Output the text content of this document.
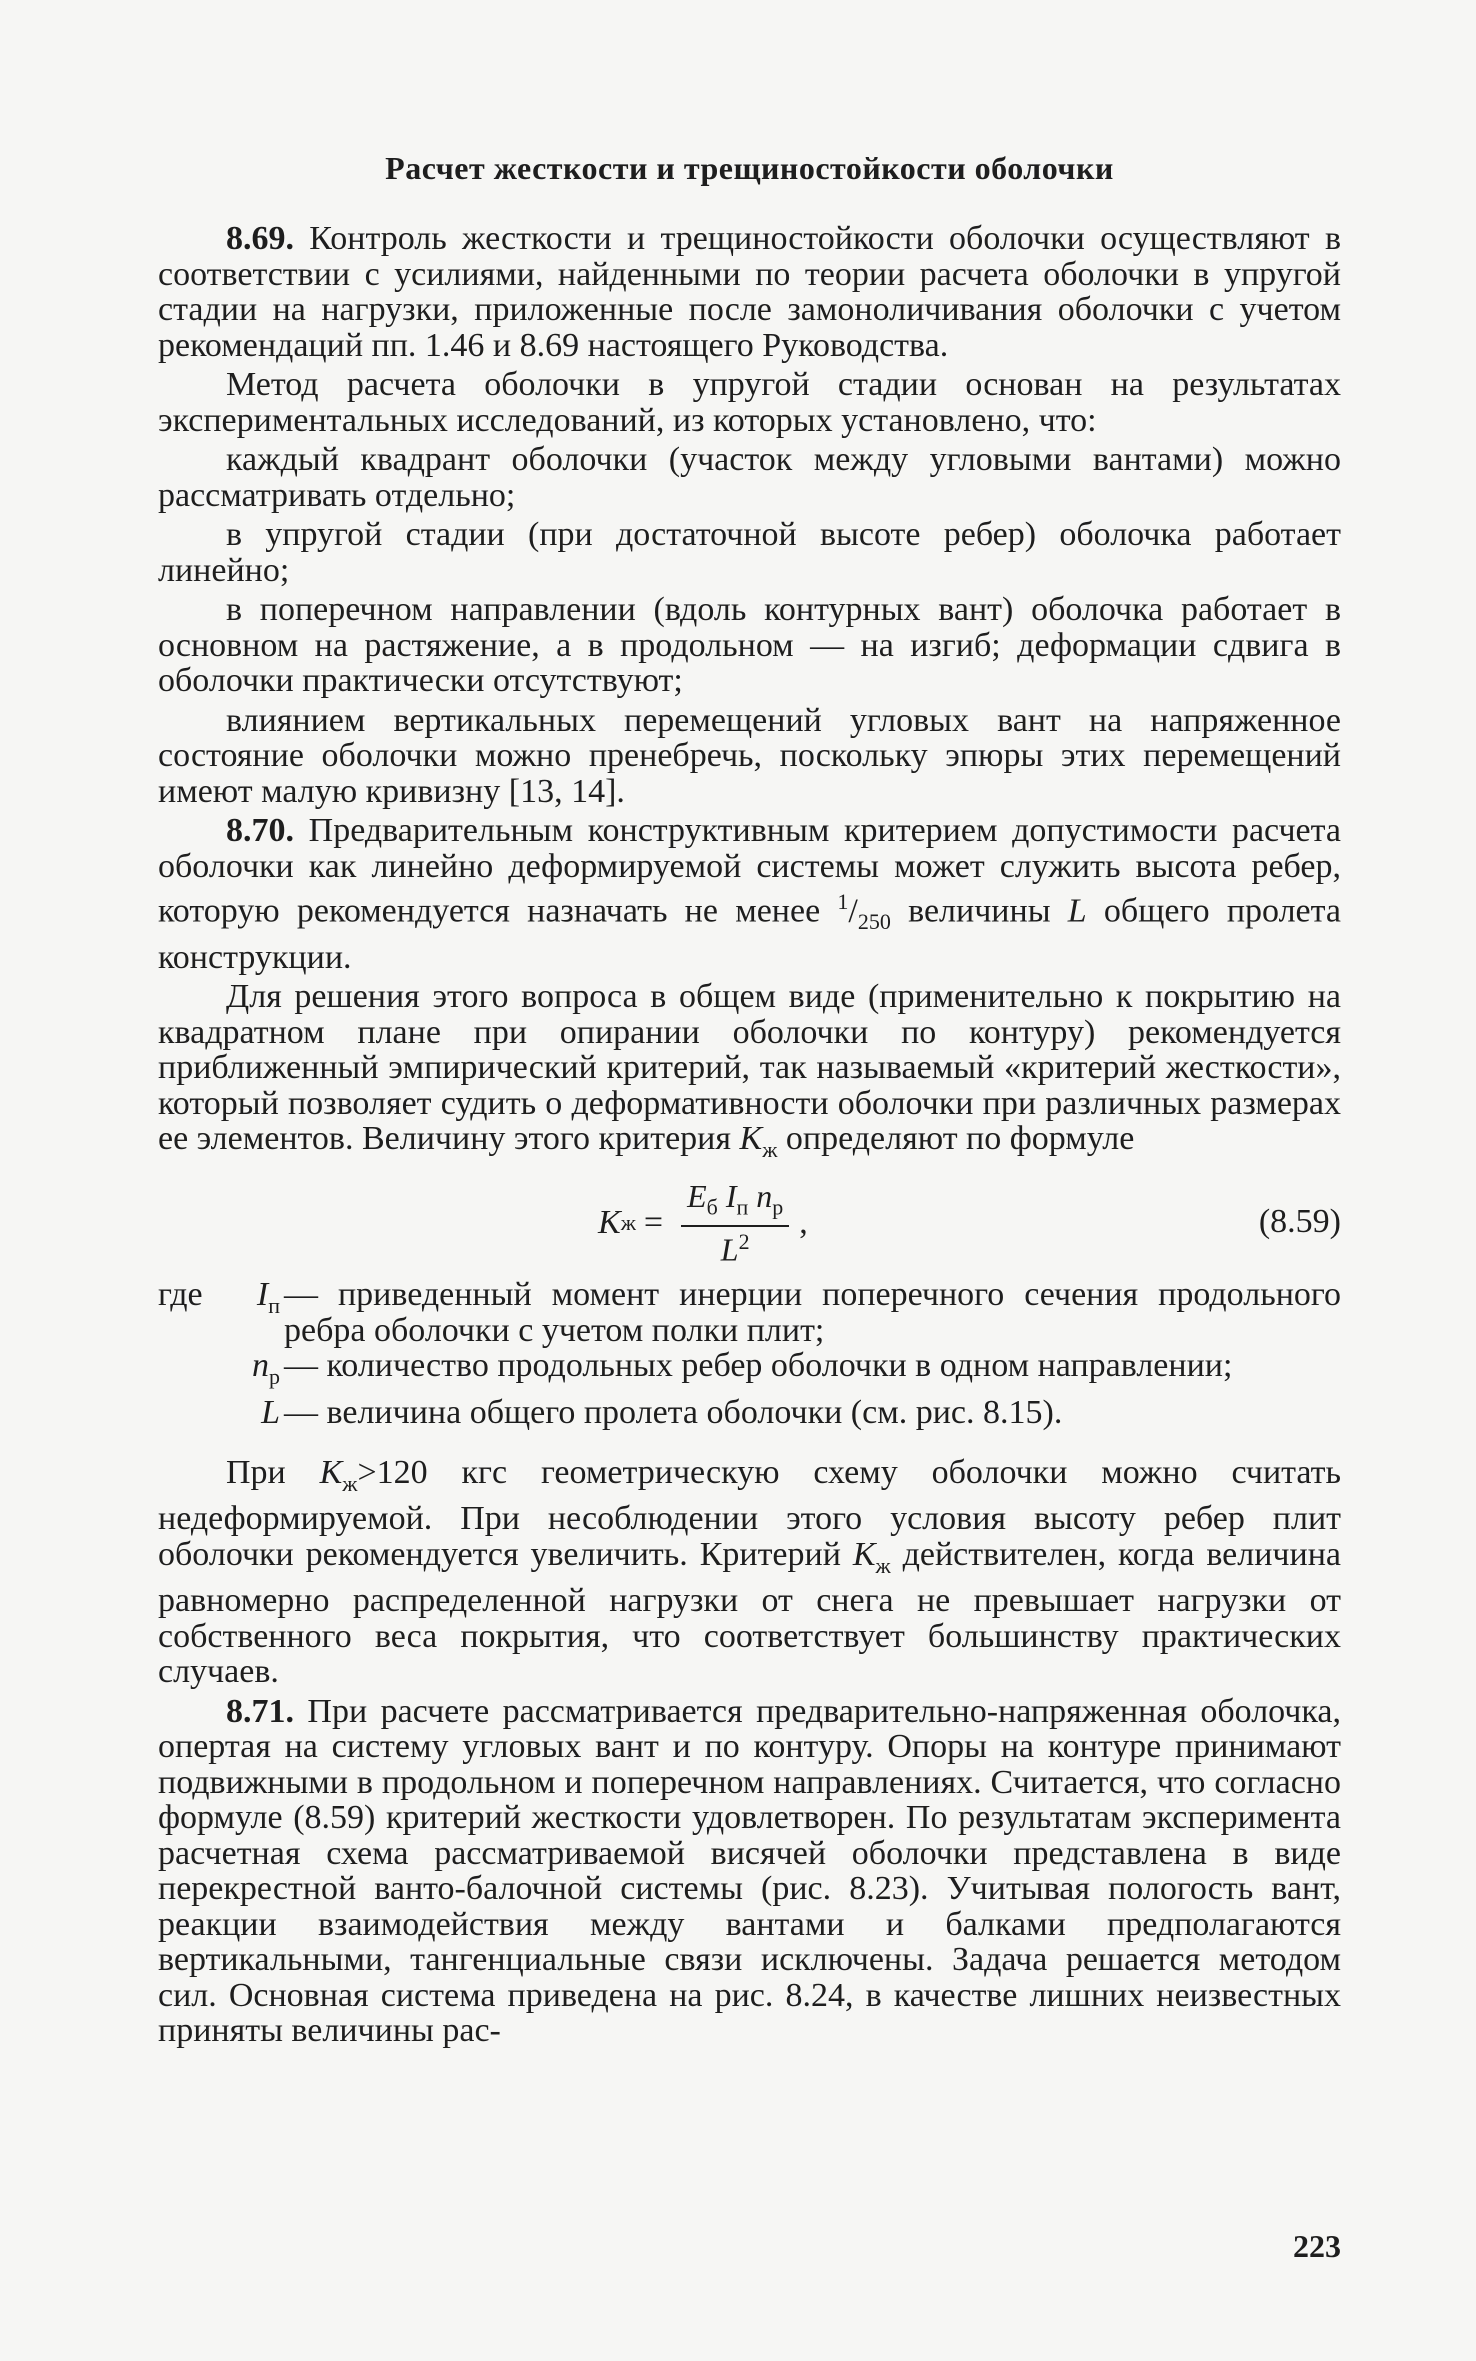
Расчет жесткости и трещиностойкости оболочки

8.69. Контроль жесткости и трещиностойкости оболочки осуществляют в соответствии с усилиями, найденными по теории расчета оболочки в упругой стадии на нагрузки, приложенные после замоноличивания оболочки с учетом рекомендаций пп. 1.46 и 8.69 настоящего Руководства.

Метод расчета оболочки в упругой стадии основан на результатах экспериментальных исследований, из которых установлено, что:

каждый квадрант оболочки (участок между угловыми вантами) можно рассматривать отдельно;

в упругой стадии (при достаточной высоте ребер) оболочка работает линейно;

в поперечном направлении (вдоль контурных вант) оболочка работает в основном на растяжение, а в продольном — на изгиб; деформации сдвига в оболочки практически отсутствуют;

влиянием вертикальных перемещений угловых вант на напряженное состояние оболочки можно пренебречь, поскольку эпюры этих перемещений имеют малую кривизну [13, 14].

8.70. Предварительным конструктивным критерием допустимости расчета оболочки как линейно деформируемой системы может служить высота ребер, которую рекомендуется назначать не менее $^1/_{250}$ величины L общего пролета конструкции.

Для решения этого вопроса в общем виде (применительно к покрытию на квадратном плане при опирании оболочки по контуру) рекомендуется приближенный эмпирический критерий, так называемый «критерий жесткости», который позволяет судить о деформативности оболочки при различных размерах ее элементов. Величину этого критерия $K_ж$ определяют по формуле

K $ж = \frac{E_б I_п n_р}{L^2}$ ,	(8.59)
где	$I_п$ — приведенный момент инерции поперечного сечения продольного ребра оболочки с учетом полки плит;
$n_р$ — количество продольных ребер оболочки в одном направлении;
L — величина общего пролета оболочки (см. рис. 8.15).

При $K_ж>120$ кгс геометрическую схему оболочки можно считать недеформируемой. При несоблюдении этого условия высоту ребер плит оболочки рекомендуется увеличить. Критерий $K_ж$ действителен, когда величина равномерно распределенной нагрузки от снега не превышает нагрузки от собственного веса покрытия, что соответствует большинству практических случаев.

8.71. При расчете рассматривается предварительно-напряженная оболочка, опертая на систему угловых вант и по контуру. Опоры на контуре принимают подвижными в продольном и поперечном направлениях. Считается, что согласно формуле (8.59) критерий жесткости удовлетворен. По результатам эксперимента расчетная схема рассматриваемой висячей оболочки представлена в виде перекрестной ванто-балочной системы (рис. 8.23). Учитывая пологость вант, реакции взаимодействия между вантами и балками предполагаются вертикальными, тангенциальные связи исключены. Задача решается методом сил. Основная система приведена на рис. 8.24, в качестве лишних неизвестных приняты величины рас-

223
